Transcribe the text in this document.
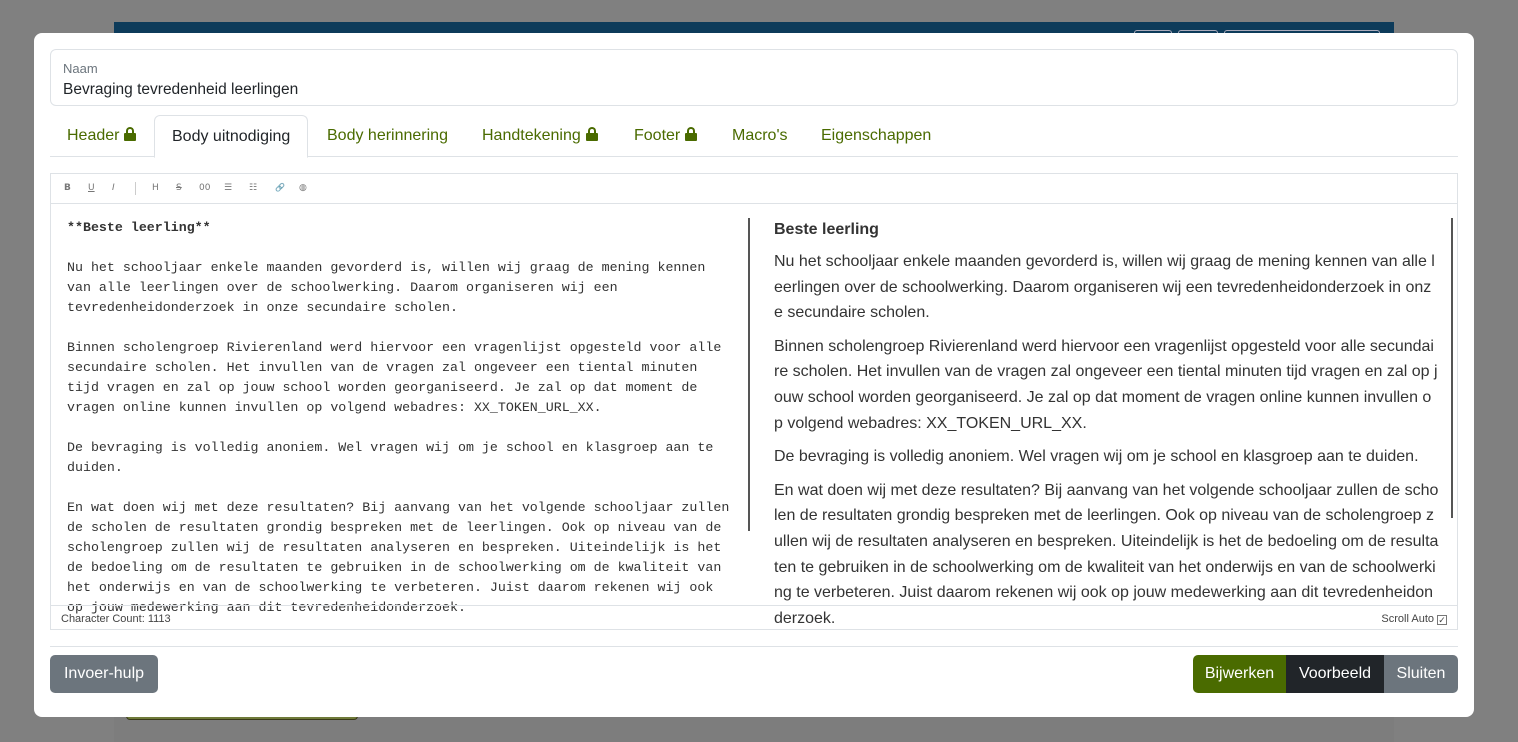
Naam
Bevraging tevredenheid leerlingen
Header	Body uitnodiging	Body herinnering	Handtekening	Footer	Macro's	Eigenschappen
B U I	H S 00 ☰ ☷ 🔗 ◍

**Beste leerling**

Nu het schooljaar enkele maanden gevorderd is, willen wij graag de mening kennen van alle leerlingen over de schoolwerking. Daarom organiseren wij een tevredenheidonderzoek in onze secundaire scholen.

Binnen scholengroep Rivierenland werd hiervoor een vragenlijst opgesteld voor alle secundaire scholen. Het invullen van de vragen zal ongeveer een tiental minuten tijd vragen en zal op jouw school worden georganiseerd. Je zal op dat moment de vragen online kunnen invullen op volgend webadres: XX_TOKEN_URL_XX.

De bevraging is volledig anoniem. Wel vragen wij om je school en klasgroep aan te duiden.

En wat doen wij met deze resultaten? Bij aanvang van het volgende schooljaar zullen de scholen de resultaten grondig bespreken met de leerlingen. Ook op niveau van de scholengroep zullen wij de resultaten analyseren en bespreken. Uiteindelijk is het de bedoeling om de resultaten te gebruiken in de schoolwerking om de kwaliteit van het onderwijs en van de schoolwerking te verbeteren. Juist daarom rekenen wij ook op jouw medewerking aan dit tevredenheidonderzoek.

Beste leerling

Nu het schooljaar enkele maanden gevorderd is, willen wij graag de mening kennen van alle leerlingen over de schoolwerking. Daarom organiseren wij een tevredenheidonderzoek in onze secundaire scholen.

Binnen scholengroep Rivierenland werd hiervoor een vragenlijst opgesteld voor alle secundaire scholen. Het invullen van de vragen zal ongeveer een tiental minuten tijd vragen en zal op jouw school worden georganiseerd. Je zal op dat moment de vragen online kunnen invullen op volgend webadres: XX_TOKEN_URL_XX.

De bevraging is volledig anoniem. Wel vragen wij om je school en klasgroep aan te duiden.

En wat doen wij met deze resultaten? Bij aanvang van het volgende schooljaar zullen de scholen de resultaten grondig bespreken met de leerlingen. Ook op niveau van de scholengroep zullen wij de resultaten analyseren en bespreken. Uiteindelijk is het de bedoeling om de resultaten te gebruiken in de schoolwerking om de kwaliteit van het onderwijs en van de schoolwerking te verbeteren. Juist daarom rekenen wij ook op jouw medewerking aan dit tevredenheidonderzoek.

Character Count: 1113	Scroll Auto ✓
Invoer-hulp	Bijwerken	Voorbeeld	Sluiten
